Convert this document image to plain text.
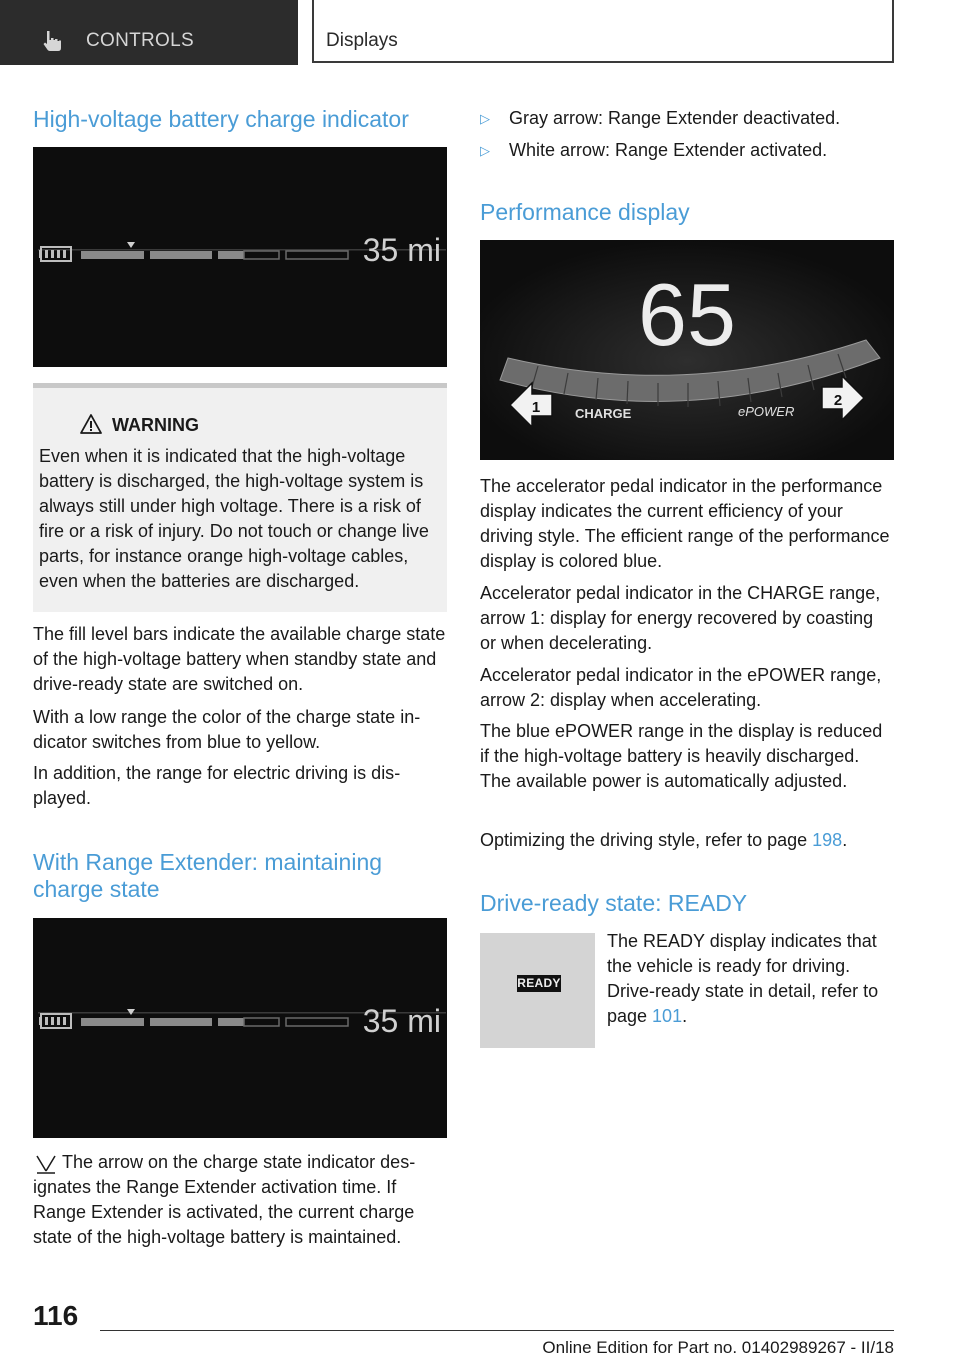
CONTROLS	Displays
High-voltage battery charge indicator
35 mi
WARNING
Even when it is indicated that the high-voltage battery is discharged, the high-voltage system is always still under high voltage. There is a risk of fire or a risk of injury. Do not touch or change live parts, for instance orange high-voltage cables, even when the batteries are discharged.

The fill level bars indicate the available charge state of the high-voltage battery when standby state and drive-ready state are switched on.

With a low range the color of the charge state indicator switches from blue to yellow.

In addition, the range for electric driving is displayed.

With Range Extender: maintaining charge state
35 mi

The arrow on the charge state indicator designates the Range Extender activation time. If Range Extender is activated, the current charge state of the high-voltage battery is maintained.

▷ Gray arrow: Range Extender deactivated.
▷ White arrow: Range Extender activated.
Performance display
65
CHARGE	ePOWER
1	2

The accelerator pedal indicator in the performance display indicates the current efficiency of your driving style. The efficient range of the performance display is colored blue.

Accelerator pedal indicator in the CHARGE range, arrow 1: display for energy recovered by coasting or when decelerating.

Accelerator pedal indicator in the ePOWER range, arrow 2: display when accelerating.

The blue ePOWER range in the display is reduced if the high-voltage battery is heavily discharged. The available power is automatically adjusted.

Optimizing the driving style, refer to page 198.

Drive-ready state: READY
READY

The READY display indicates that the vehicle is ready for driving.

Drive-ready state in detail, refer to page 101.

116
Online Edition for Part no. 01402989267 - II/18
